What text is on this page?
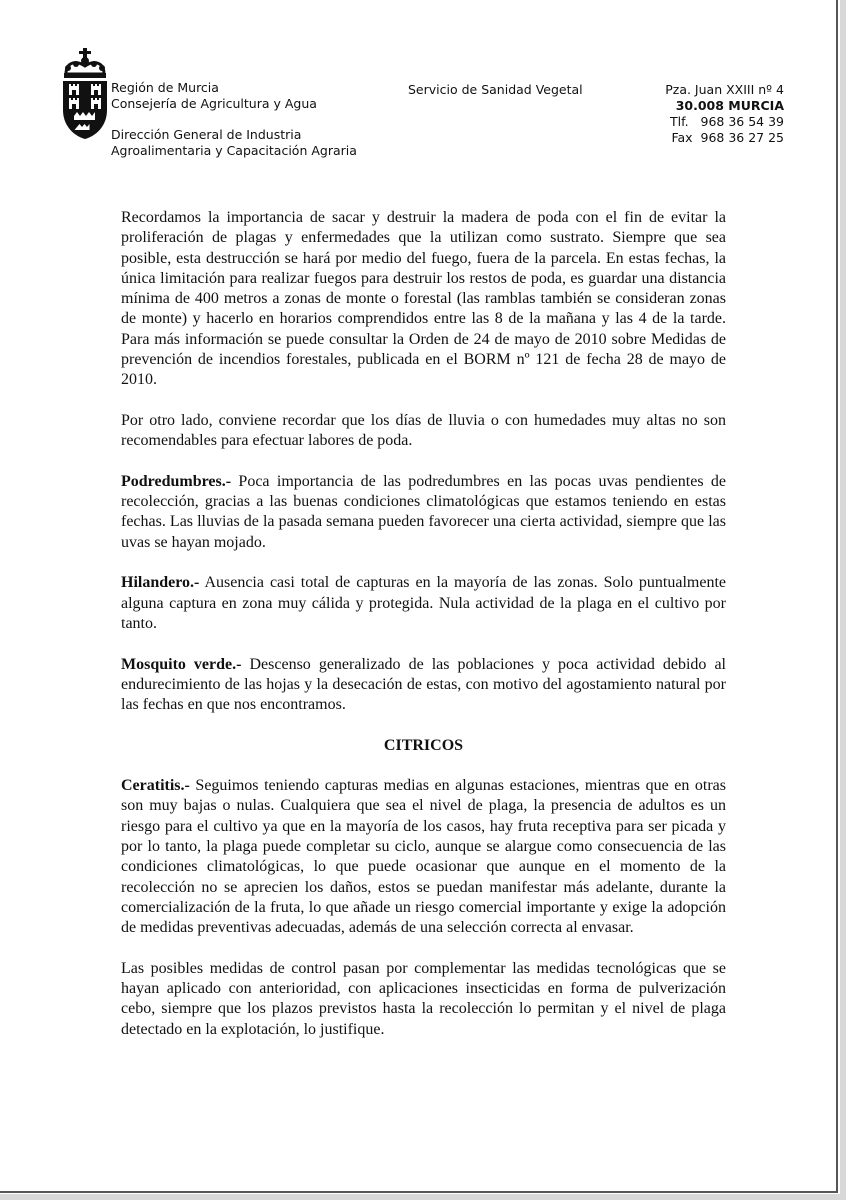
Región de Murcia
Consejería de Agricultura y Agua
Dirección General de Industria
Agroalimentaria y Capacitación Agraria
Servicio de Sanidad Vegetal	Pza. Juan XXIII nº 4
30.008 MURCIA
Tlf.   968 36 54 39
Fax  968 36 27 25

Recordamos la importancia de sacar y destruir la madera de poda con el fin de evitar la proliferación de plagas y enfermedades que la utilizan como sustrato. Siempre que sea posible, esta destrucción se hará por medio del fuego, fuera de la parcela. En estas fechas, la única limitación para realizar fuegos para destruir los restos de poda, es guardar una distancia mínima de 400 metros a zonas de monte o forestal (las ramblas también se consideran zonas de monte) y hacerlo en horarios comprendidos entre las 8 de la mañana y las 4 de la tarde. Para más información se puede consultar la Orden de 24 de mayo de 2010 sobre Medidas de prevención de incendios forestales, publicada en el BORM nº 121 de fecha 28 de mayo de 2010.

Por otro lado, conviene recordar que los días de lluvia o con humedades muy altas no son recomendables para efectuar labores de poda.

Podredumbres.- Poca importancia de las podredumbres en las pocas uvas pendientes de recolección, gracias a las buenas condiciones climatológicas que estamos teniendo en estas fechas. Las lluvias de la pasada semana pueden favorecer una cierta actividad, siempre que las uvas se hayan mojado.

Hilandero.- Ausencia casi total de capturas en la mayoría de las zonas. Solo puntualmente alguna captura en zona muy cálida y protegida. Nula actividad de la plaga en el cultivo por tanto.

Mosquito verde.- Descenso generalizado de las poblaciones y poca actividad debido al endurecimiento de las hojas y la desecación de estas, con motivo del agostamiento natural por las fechas en que nos encontramos.

CITRICOS

Ceratitis.- Seguimos teniendo capturas medias en algunas estaciones, mientras que en otras son muy bajas o nulas. Cualquiera que sea el nivel de plaga, la presencia de adultos es un riesgo para el cultivo ya que en la mayoría de los casos, hay fruta receptiva para ser picada y por lo tanto, la plaga puede completar su ciclo, aunque se alargue como consecuencia de las condiciones climatológicas, lo que puede ocasionar que aunque en el momento de la recolección no se aprecien los daños, estos se puedan manifestar más adelante, durante la comercialización de la fruta, lo que añade un riesgo comercial importante y exige la adopción de medidas preventivas adecuadas, además de una selección correcta al envasar.

Las posibles medidas de control pasan por complementar las medidas tecnológicas que se hayan aplicado con anterioridad, con aplicaciones insecticidas en forma de pulverización cebo, siempre que los plazos previstos hasta la recolección lo permitan y el nivel de plaga detectado en la explotación, lo justifique.
